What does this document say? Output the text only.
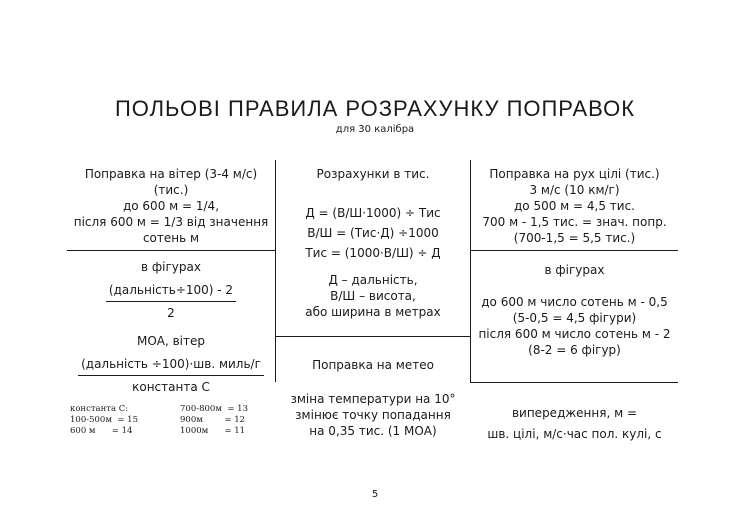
ПОЛЬОВІ ПРАВИЛА РОЗРАХУНКУ ПОПРАВОК
для 30 калібра

Поправка на вітер (3-4 м/с)

(тис.)

до 600 м = 1/4,

після 600 м = 1/3 від значення

сотень м

в фігурах
$\frac{\text{(дальність÷100) - 2}}{2}$
МОА, вітер
$\frac{\text{(дальність ÷100)·шв. миль/г}}{\text{константа С}}$
константа С:
100-500м  = 15
600 м      = 14
700-800м  = 13
900м        = 12
1000м      = 11
Розрахунки в тис.

Д = (В/Ш·1000) ÷ Тис

В/Ш = (Тис·Д) ÷1000

Тис = (1000·В/Ш) ÷ Д

Д – дальність,

В/Ш – висота,

або ширина в метрах

Поправка на метео

зміна температури на 10°

змінює точку попадання

на 0,35 тис. (1 МОА)

Поправка на рух цілі (тис.)

3 м/с (10 км/г)

до 500 м = 4,5 тис.

700 м - 1,5 тис. = знач. попр.

(700-1,5 = 5,5 тис.)

в фігурах

до 600 м число сотень м - 0,5

(5-0,5 = 4,5 фігури)

після 600 м число сотень м - 2

(8-2 = 6 фігур)

випередження, м =
шв. цілі, м/с·час пол. кулі, с
5
